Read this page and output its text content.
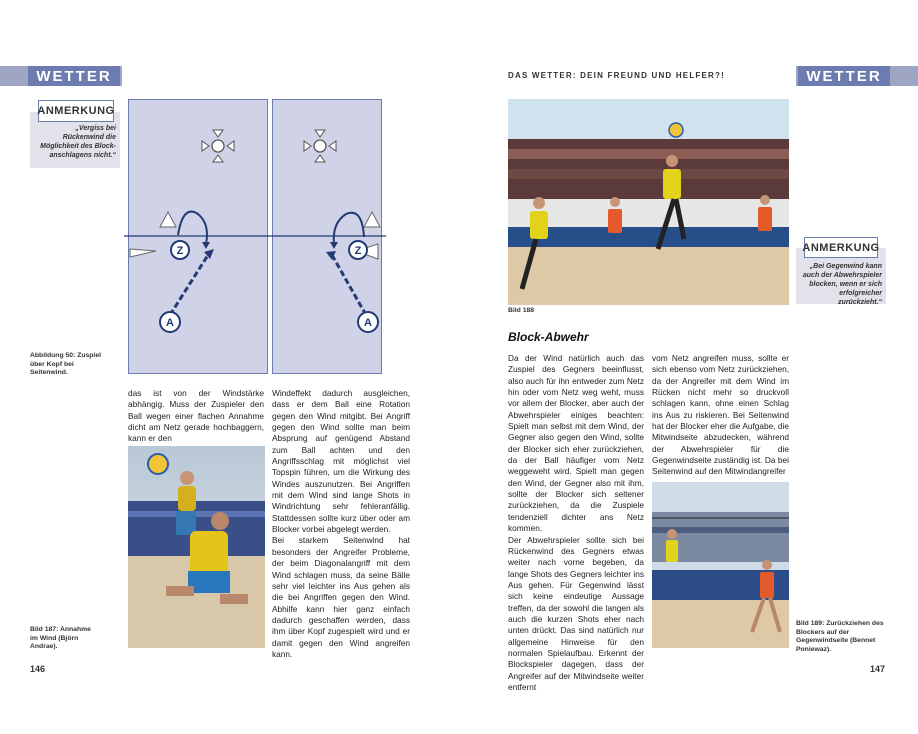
WETTER
ANMERKUNG
„Vergiss bei Rückenwind die Möglichkeit des Block-anschlagens nicht.“
Z
A
Z
A
Abbildung 50: Zuspiel über Kopf bei Seitenwind.

das ist von der Windstärke abhängig. Muss der Zuspieler den Ball wegen einer flachen Annahme dicht am Netz gerade hochbaggern, kann er den

Windeffekt dadurch ausgleichen, dass er dem Ball eine Rotation gegen den Wind mitgibt. Bei Angriff gegen den Wind sollte man beim Absprung auf genügend Abstand zum Ball achten und den Angriffsschlag mit möglichst viel Topspin führen, um die Wirkung des Windes auszunutzen. Bei Angriffen mit dem Wind sind lange Shots in Windrichtung sehr fehleranfällig. Stattdessen sollte kurz über oder am Blocker vorbei abgelegt werden.

Bei starkem Seitenwind hat besonders der Angreifer Probleme, der beim Diagonalangriff mit dem Wind schlagen muss, da seine Bälle sehr viel leichter ins Aus gehen als die bei Angriffen gegen den Wind. Abhilfe kann hier ganz einfach dadurch geschaffen werden, dass ihm über Kopf zugespielt wird und er damit gegen den Wind angreifen kann.

Bild 187: Annahme im Wind (Björn Andrae).
146
DAS WETTER: DEIN FREUND UND HELFER?!	WETTER
Bild 188
ANMERKUNG
„Bei Gegenwind kann auch der Abwehrspieler blocken, wenn er sich erfolgreicher zurückzieht.“
Block-Abwehr

Da der Wind natürlich auch das Zuspiel des Gegners beeinflusst, also auch für ihn entweder zum Netz hin oder vom Netz weg weht, muss vor allem der Blocker, aber auch der Abwehrspieler einiges beachten: Spielt man selbst mit dem Wind, der Gegner also gegen den Wind, sollte der Blocker sich eher zurückziehen, da der Ball häufiger vom Netz weggeweht wird. Spielt man gegen den Wind, der Gegner also mit ihm, sollte der Blocker sich seltener zurückziehen, da die Zuspiele tendenziell dichter ans Netz kommen.

Der Abwehrspieler sollte sich bei Rückenwind des Gegners etwas weiter nach vorne begeben, da lange Shots des Gegners leichter ins Aus gehen. Für Gegenwind lässt sich keine eindeutige Aussage treffen, da der sowohl die langen als auch die kurzen Shots eher nach unten drückt. Das sind natürlich nur allgemeine Hinweise für den normalen Spielaufbau. Erkennt der Blockspieler dagegen, dass der Angreifer auf der Mitwindseite weiter entfernt

vom Netz angreifen muss, sollte er sich ebenso vom Netz zurückziehen, da der Angreifer mit dem Wind im Rücken nicht mehr so druckvoll schlagen kann, ohne einen Schlag ins Aus zu riskieren. Bei Seitenwind hat der Blocker eher die Aufgabe, die Mitwindseite abzudecken, während der Abwehrspieler für die Gegenwindseite zuständig ist. Da bei Seitenwind auf den Mitwindangreifer

Bild 189: Zurückziehen des Blockers auf der Gegenwindseite (Bennet Poniewaz).
147
